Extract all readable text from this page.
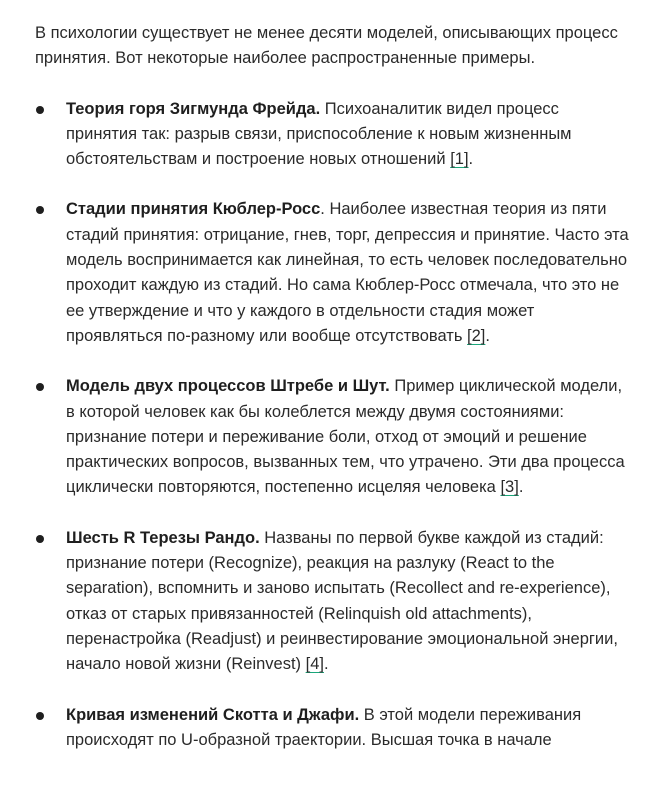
В психологии существует не менее десяти моделей, описывающих процесс принятия. Вот некоторые наиболее распространенные примеры.

Теория горя Зигмунда Фрейда. Психоаналитик видел процесс принятия так: разрыв связи, приспособление к новым жизненным обстоятельствам и построение новых отношений [1].
Стадии принятия Кюблер-Росс. Наиболее известная теория из пяти стадий принятия: отрицание, гнев, торг, депрессия и принятие. Часто эта модель воспринимается как линейная, то есть человек последовательно проходит каждую из стадий. Но сама Кюблер-Росс отмечала, что это не ее утверждение и что у каждого в отдельности стадия может проявляться по-разному или вообще отсутствовать [2].
Модель двух процессов Штребе и Шут. Пример циклической модели, в которой человек как бы колеблется между двумя состояниями: признание потери и переживание боли, отход от эмоций и решение практических вопросов, вызванных тем, что утрачено. Эти два процесса циклически повторяются, постепенно исцеляя человека [3].
Шесть R Терезы Рандо. Названы по первой букве каждой из стадий: признание потери (Recognize), реакция на разлуку (React to the separation), вспомнить и заново испытать (Recollect and re-experience), отказ от старых привязанностей (Relinquish old attachments), перенастройка (Readjust) и реинвестирование эмоциональной энергии, начало новой жизни (Reinvest) [4].
Кривая изменений Скотта и Джафи. В этой модели переживания происходят по U-образной траектории. Высшая точка в начале
